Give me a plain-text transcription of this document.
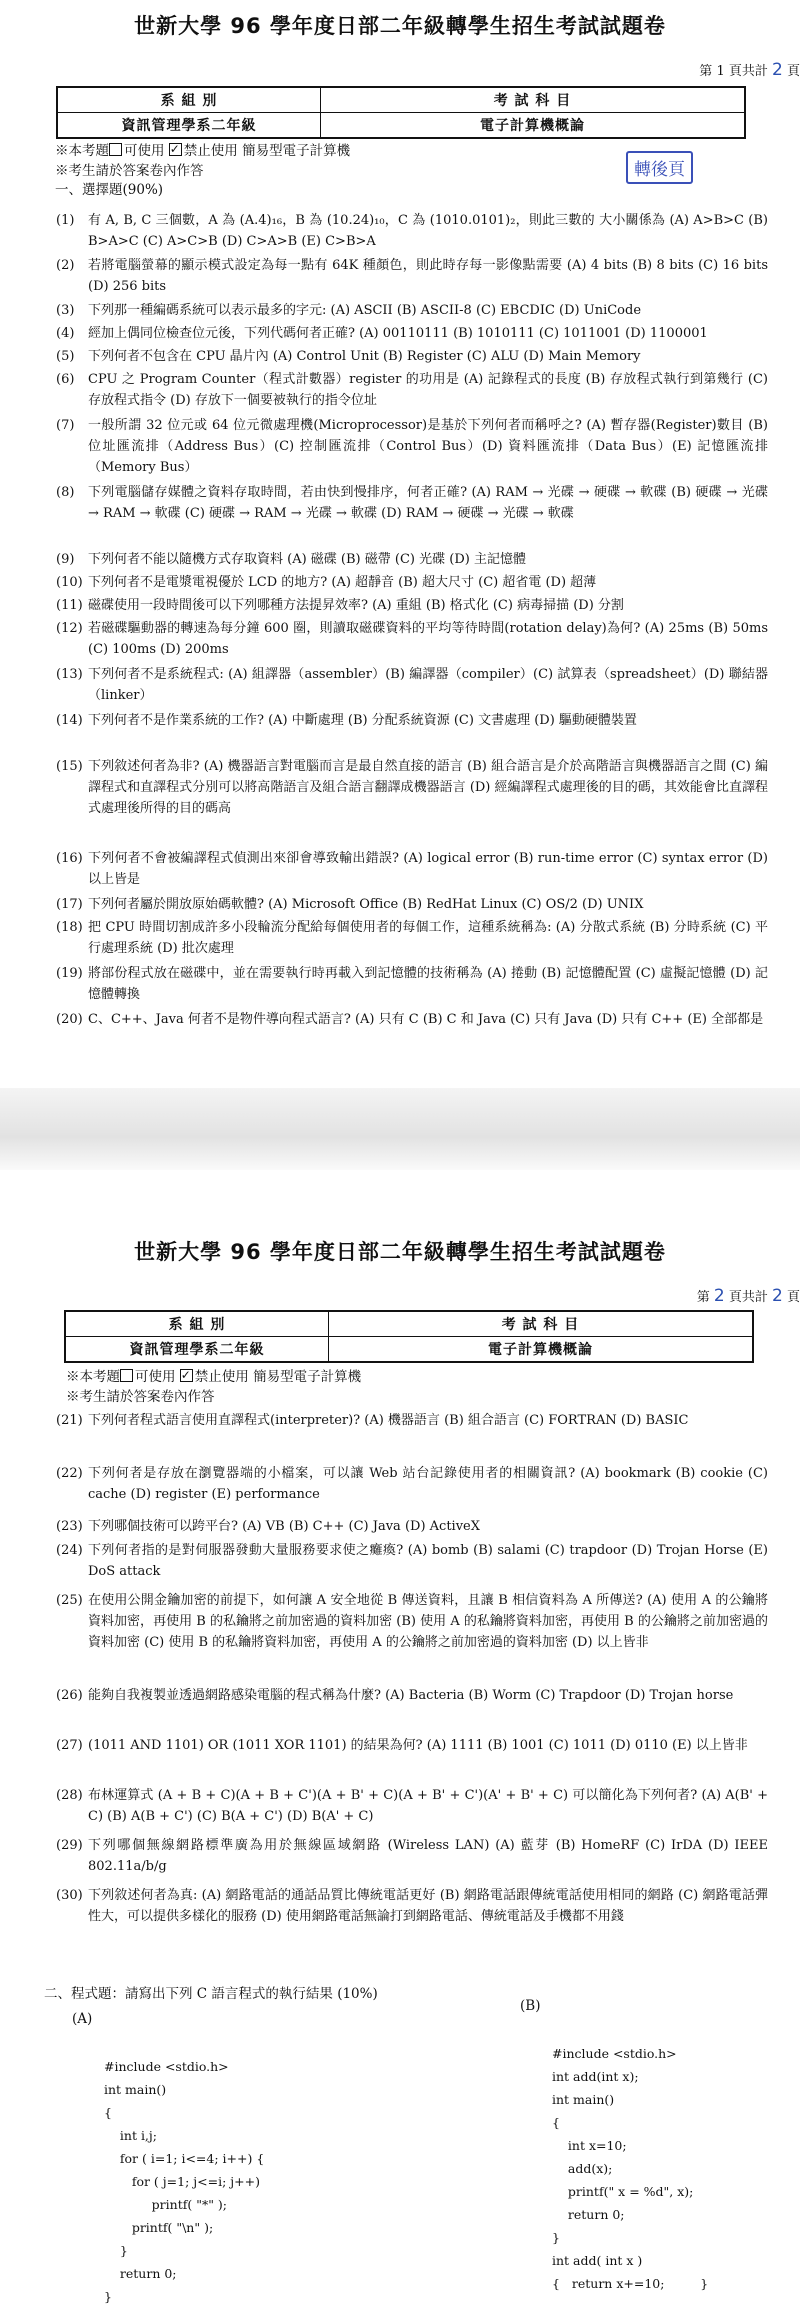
世新大學 96 學年度日部二年級轉學生招生考試試題卷
第 1 頁共計 2 頁
系 組 別	考 試 科 目
資訊管理學系二年級	電子計算機概論
※本考題 可使用 ✓ 禁止使用 簡易型電子計算機
轉後頁
※考生請於答案卷內作答
一、選擇題(90%)
(1) 有 A, B, C 三個數，A 為 (A.4)₁₆，B 為 (10.24)₁₀，C 為 (1010.0101)₂，則此三數的 大小關係為 (A) A>B>C (B) B>A>C (C) A>C>B (D) C>A>B (E) C>B>A
(2) 若將電腦螢幕的顯示模式設定為每一點有 64K 種顏色，則此時存每一影像點需要 (A) 4 bits (B) 8 bits (C) 16 bits (D) 256 bits
(3) 下列那一種編碼系統可以表示最多的字元: (A) ASCII (B) ASCII-8 (C) EBCDIC (D) UniCode
(4) 經加上偶同位檢查位元後，下列代碼何者正確? (A) 00110111 (B) 1010111 (C) 1011001 (D) 1100001
(5) 下列何者不包含在 CPU 晶片內 (A) Control Unit (B) Register (C) ALU (D) Main Memory
(6) CPU 之 Program Counter（程式計數器）register 的功用是 (A) 記錄程式的長度 (B) 存放程式執行到第幾行 (C) 存放程式指令 (D) 存放下一個要被執行的指令位址
(7) 一般所謂 32 位元或 64 位元微處理機(Microprocessor)是基於下列何者而稱呼之? (A) 暫存器(Register)數目 (B) 位址匯流排（Address Bus）(C) 控制匯流排（Control Bus）(D) 資料匯流排（Data Bus）(E) 記憶匯流排（Memory Bus）
(8) 下列電腦儲存媒體之資料存取時間，若由快到慢排序，何者正確? (A) RAM → 光碟 → 硬碟 → 軟碟 (B) 硬碟 → 光碟 → RAM → 軟碟 (C) 硬碟 → RAM → 光碟 → 軟碟 (D) RAM → 硬碟 → 光碟 → 軟碟
(9) 下列何者不能以隨機方式存取資料 (A) 磁碟 (B) 磁帶 (C) 光碟 (D) 主記憶體
(10) 下列何者不是電漿電視優於 LCD 的地方? (A) 超靜音 (B) 超大尺寸 (C) 超省電 (D) 超薄
(11) 磁碟使用一段時間後可以下列哪種方法提昇效率? (A) 重組 (B) 格式化 (C) 病毒掃描 (D) 分割
(12) 若磁碟驅動器的轉速為每分鐘 600 圈，則讀取磁碟資料的平均等待時間(rotation delay)為何? (A) 25ms (B) 50ms (C) 100ms (D) 200ms
(13) 下列何者不是系統程式: (A) 組譯器（assembler）(B) 編譯器（compiler）(C) 試算表（spreadsheet）(D) 聯結器（linker）
(14) 下列何者不是作業系統的工作? (A) 中斷處理 (B) 分配系統資源 (C) 文書處理 (D) 驅動硬體裝置
(15) 下列敘述何者為非? (A) 機器語言對電腦而言是最自然直接的語言 (B) 組合語言是介於高階語言與機器語言之間 (C) 編譯程式和直譯程式分別可以將高階語言及組合語言翻譯成機器語言 (D) 經編譯程式處理後的目的碼，其效能會比直譯程式處理後所得的目的碼高
(16) 下列何者不會被編譯程式偵測出來卻會導致輸出錯誤? (A) logical error (B) run-time error (C) syntax error (D) 以上皆是
(17) 下列何者屬於開放原始碼軟體? (A) Microsoft Office (B) RedHat Linux (C) OS/2 (D) UNIX
(18) 把 CPU 時間切割成許多小段輪流分配給每個使用者的每個工作，這種系統稱為: (A) 分散式系統 (B) 分時系統 (C) 平行處理系統 (D) 批次處理
(19) 將部份程式放在磁碟中，並在需要執行時再載入到記憶體的技術稱為 (A) 捲動 (B) 記憶體配置 (C) 虛擬記憶體 (D) 記憶體轉換
(20) C、C++、Java 何者不是物件導向程式語言? (A) 只有 C (B) C 和 Java (C) 只有 Java (D) 只有 C++ (E) 全部都是
世新大學 96 學年度日部二年級轉學生招生考試試題卷
第 2 頁共計 2 頁
系 組 別	考 試 科 目
資訊管理學系二年級	電子計算機概論
※本考題 可使用 ✓ 禁止使用 簡易型電子計算機
※考生請於答案卷內作答
(21) 下列何者程式語言使用直譯程式(interpreter)? (A) 機器語言 (B) 組合語言 (C) FORTRAN (D) BASIC
(22) 下列何者是存放在瀏覽器端的小檔案，可以讓 Web 站台記錄使用者的相關資訊? (A) bookmark (B) cookie (C) cache (D) register (E) performance
(23) 下列哪個技術可以跨平台? (A) VB (B) C++ (C) Java (D) ActiveX
(24) 下列何者指的是對伺服器發動大量服務要求使之癱瘓? (A) bomb (B) salami (C) trapdoor (D) Trojan Horse (E) DoS attack
(25) 在使用公開金鑰加密的前提下，如何讓 A 安全地從 B 傳送資料，且讓 B 相信資料為 A 所傳送? (A) 使用 A 的公鑰將資料加密，再使用 B 的私鑰將之前加密過的資料加密 (B) 使用 A 的私鑰將資料加密，再使用 B 的公鑰將之前加密過的資料加密 (C) 使用 B 的私鑰將資料加密，再使用 A 的公鑰將之前加密過的資料加密 (D) 以上皆非
(26) 能夠自我複製並透過網路感染電腦的程式稱為什麼? (A) Bacteria (B) Worm (C) Trapdoor (D) Trojan horse
(27) (1011 AND 1101) OR (1011 XOR 1101) 的結果為何? (A) 1111 (B) 1001 (C) 1011 (D) 0110 (E) 以上皆非
(28) 布林運算式 (A + B + C)(A + B + C')(A + B' + C)(A + B' + C')(A' + B' + C) 可以簡化為下列何者? (A) A(B' + C) (B) A(B + C') (C) B(A + C') (D) B(A' + C)
(29) 下列哪個無線網路標準廣為用於無線區域網路 (Wireless LAN) (A) 藍芽 (B) HomeRF (C) IrDA (D) IEEE 802.11a/b/g
(30) 下列敘述何者為真: (A) 網路電話的通話品質比傳統電話更好 (B) 網路電話跟傳統電話使用相同的網路 (C) 網路電話彈性大，可以提供多樣化的服務 (D) 使用網路電話無論打到網路電話、傳統電話及手機都不用錢
二、程式題：請寫出下列 C 語言程式的執行結果 (10%)
(A)
(B)

#include <stdio.h>
int main()
{
int i,j;
for ( i=1; i<=4; i++) {
for ( j=1; j<=i; j++)
printf( "*" );
printf( "\n" );
}
return 0;
}

#include <stdio.h>
int add(int x);
int main()
{
int x=10;
add(x);
printf(" x = %d", x);
return 0;
}
int add( int x )
{   return x+=10;         }
